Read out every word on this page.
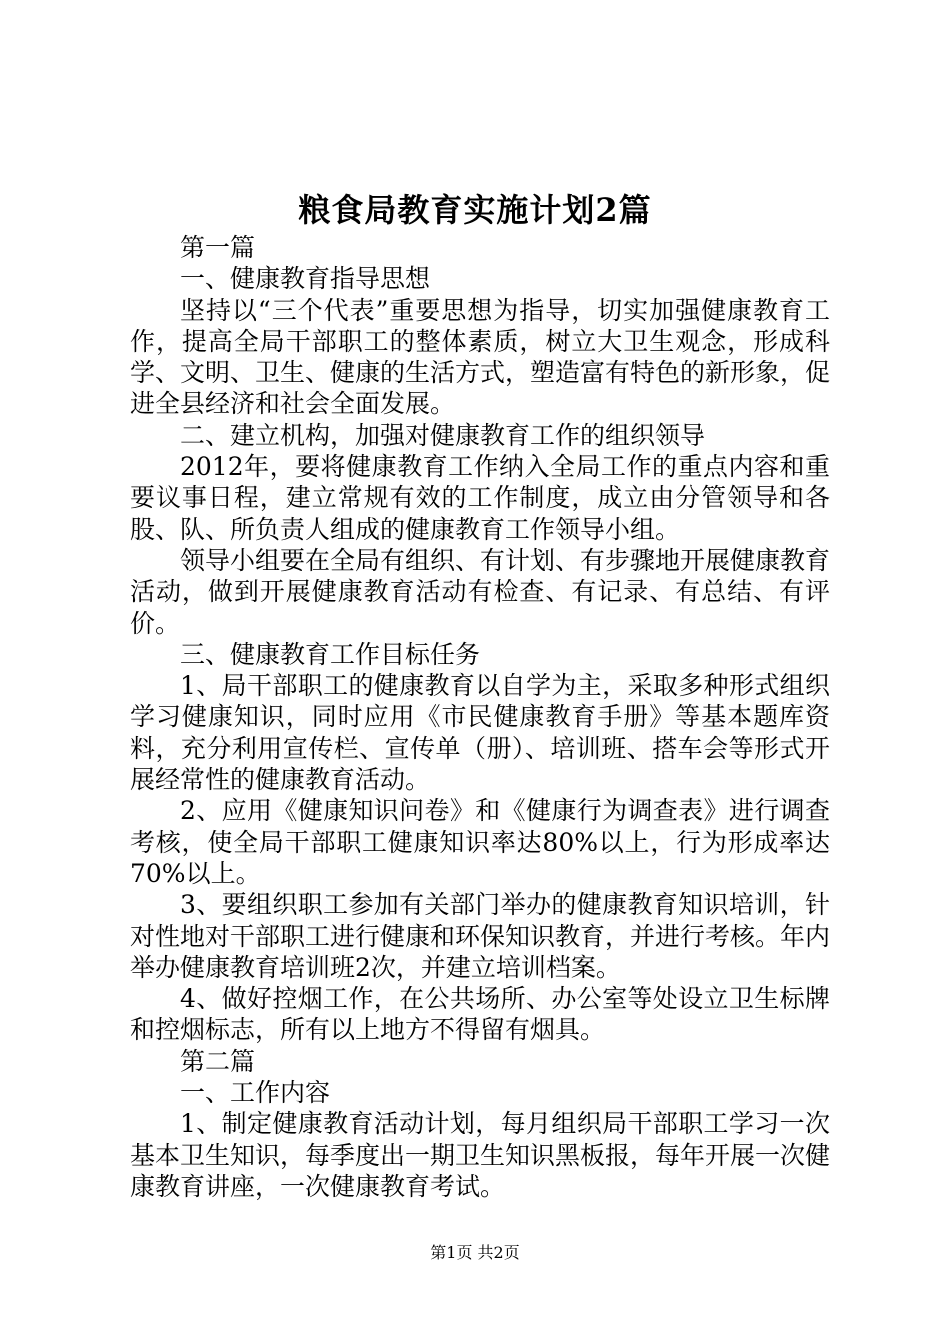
粮食局教育实施计划2篇

第一篇

一、健康教育指导思想

坚持以“三个代表”重要思想为指导，切实加强健康教育工作，提高全局干部职工的整体素质，树立大卫生观念，形成科学、文明、卫生、健康的生活方式，塑造富有特色的新形象，促进全县经济和社会全面发展。

二、建立机构，加强对健康教育工作的组织领导

2012年，要将健康教育工作纳入全局工作的重点内容和重要议事日程，建立常规有效的工作制度，成立由分管领导和各股、队、所负责人组成的健康教育工作领导小组。

领导小组要在全局有组织、有计划、有步骤地开展健康教育活动，做到开展健康教育活动有检查、有记录、有总结、有评价。

三、健康教育工作目标任务

1、局干部职工的健康教育以自学为主，采取多种形式组织学习健康知识，同时应用《市民健康教育手册》等基本题库资料，充分利用宣传栏、宣传单（册）、培训班、搭车会等形式开展经常性的健康教育活动。

2、应用《健康知识问卷》和《健康行为调查表》进行调查考核，使全局干部职工健康知识率达80%以上，行为形成率达70%以上。

3、要组织职工参加有关部门举办的健康教育知识培训，针对性地对干部职工进行健康和环保知识教育，并进行考核。年内举办健康教育培训班2次，并建立培训档案。

4、做好控烟工作，在公共场所、办公室等处设立卫生标牌和控烟标志，所有以上地方不得留有烟具。

第二篇

一、工作内容

1、制定健康教育活动计划，每月组织局干部职工学习一次基本卫生知识，每季度出一期卫生知识黑板报，每年开展一次健康教育讲座，一次健康教育考试。

第1页 共2页
